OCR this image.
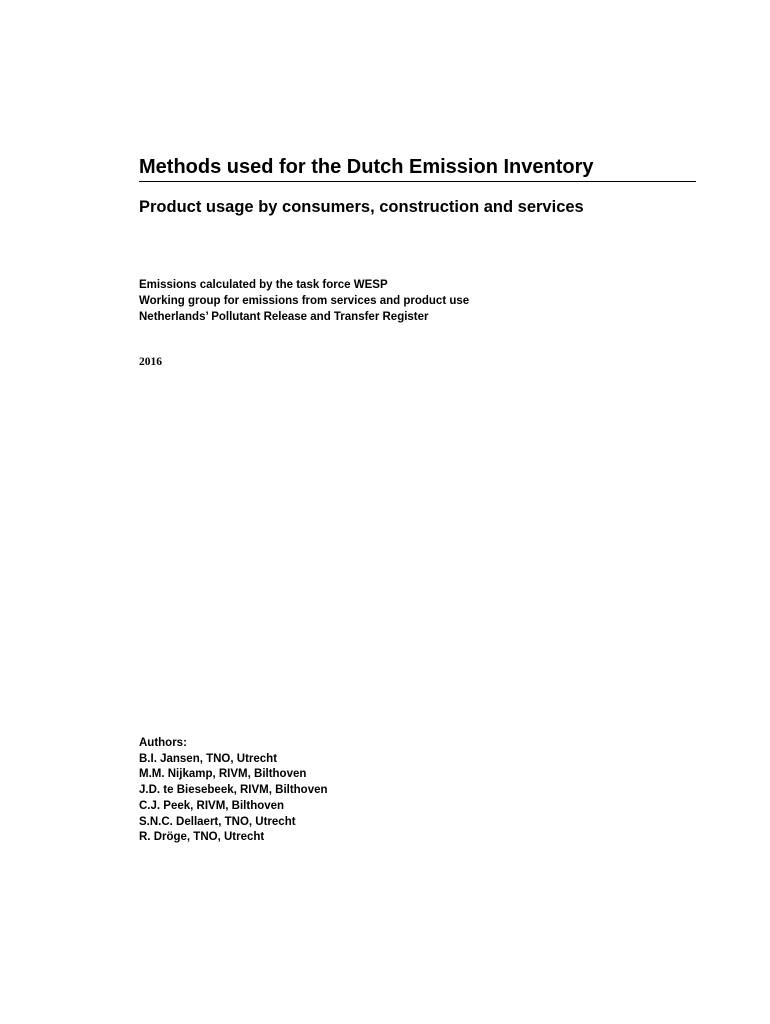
Methods used for the Dutch Emission Inventory
Product usage by consumers, construction and services
Emissions calculated by the task force WESP
Working group for emissions from services and product use
Netherlands’ Pollutant Release and Transfer Register
2016
Authors:
B.I. Jansen, TNO, Utrecht
M.M. Nijkamp, RIVM, Bilthoven
J.D. te Biesebeek, RIVM, Bilthoven
C.J. Peek, RIVM, Bilthoven
S.N.C. Dellaert, TNO, Utrecht
R. Dröge, TNO, Utrecht
